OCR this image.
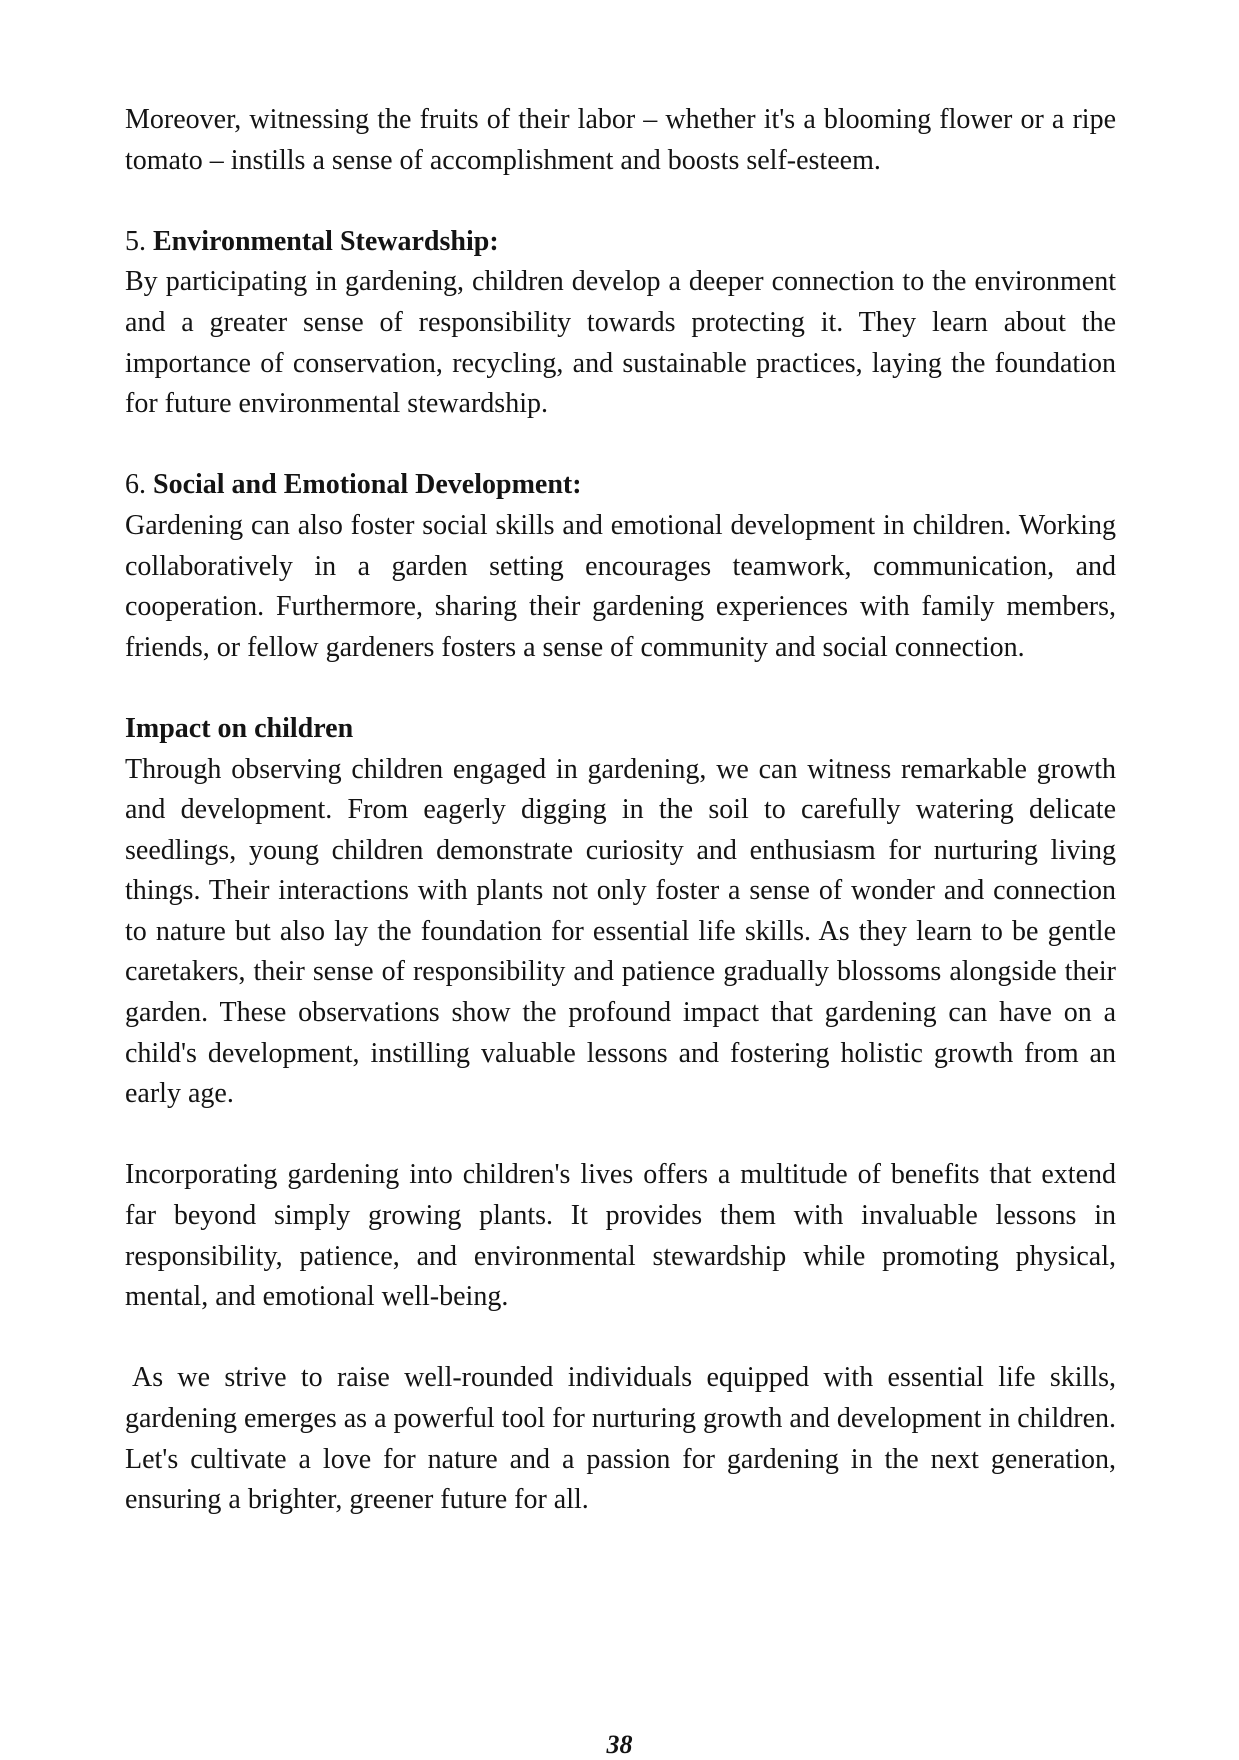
Moreover, witnessing the fruits of their labor – whether it's a blooming flower or a ripe tomato – instills a sense of accomplishment and boosts self-esteem.

5. Environmental Stewardship:

By participating in gardening, children develop a deeper connection to the environment and a greater sense of responsibility towards protecting it. They learn about the importance of conservation, recycling, and sustainable practices, laying the foundation for future environmental stewardship.

6. Social and Emotional Development:

Gardening can also foster social skills and emotional development in children. Working collaboratively in a garden setting encourages teamwork, communication, and cooperation. Furthermore, sharing their gardening experiences with family members, friends, or fellow gardeners fosters a sense of community and social connection.

Impact on children

Through observing children engaged in gardening, we can witness remarkable growth and development. From eagerly digging in the soil to carefully watering delicate seedlings, young children demonstrate curiosity and enthusiasm for nurturing living things. Their interactions with plants not only foster a sense of wonder and connection to nature but also lay the foundation for essential life skills. As they learn to be gentle caretakers, their sense of responsibility and patience gradually blossoms alongside their garden. These observations show the profound impact that gardening can have on a child's development, instilling valuable lessons and fostering holistic growth from an early age.

Incorporating gardening into children's lives offers a multitude of benefits that extend far beyond simply growing plants. It provides them with invaluable lessons in responsibility, patience, and environmental stewardship while promoting physical, mental, and emotional well-being.

As we strive to raise well-rounded individuals equipped with essential life skills, gardening emerges as a powerful tool for nurturing growth and development in children. Let's cultivate a love for nature and a passion for gardening in the next generation, ensuring a brighter, greener future for all.

38
